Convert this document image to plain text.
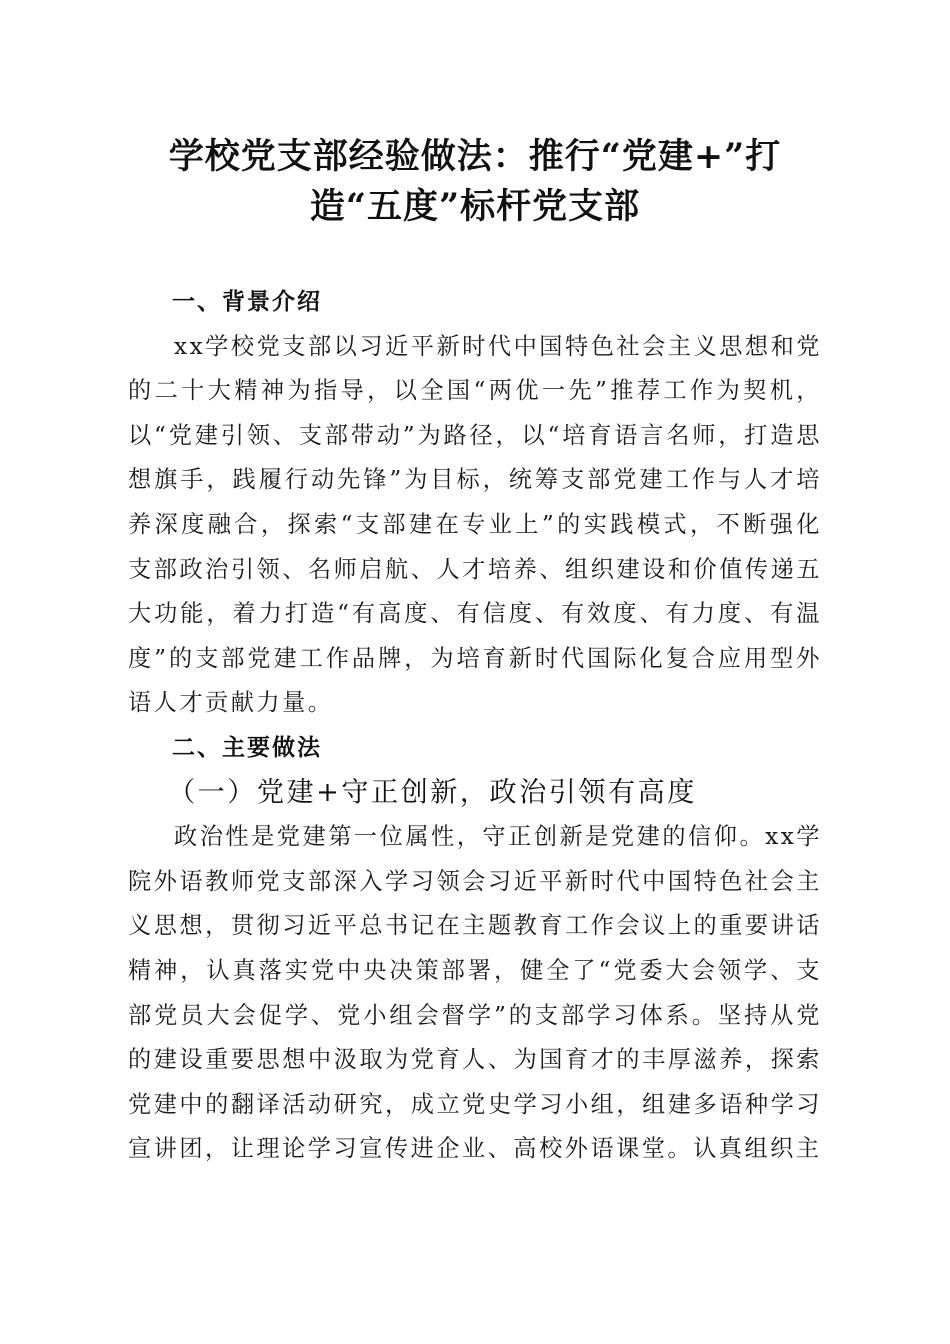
学校党支部经验做法：推行“党建+”打
造“五度”标杆党支部
一、背景介绍

xx学校党支部以习近平新时代中国特色社会主义思想和党的二十大精神为指导，以全国“两优一先”推荐工作为契机，以“党建引领、支部带动”为路径，以“培育语言名师，打造思想旗手，践履行动先锋”为目标，统筹支部党建工作与人才培养深度融合，探索“支部建在专业上”的实践模式，不断强化支部政治引领、名师启航、人才培养、组织建设和价值传递五大功能，着力打造“有高度、有信度、有效度、有力度、有温度”的支部党建工作品牌，为培育新时代国际化复合应用型外语人才贡献力量。

二、主要做法
（一）党建+守正创新，政治引领有高度

政治性是党建第一位属性，守正创新是党建的信仰。xx学院外语教师党支部深入学习领会习近平新时代中国特色社会主义思想，贯彻习近平总书记在主题教育工作会议上的重要讲话精神，认真落实党中央决策部署，健全了“党委大会领学、支部党员大会促学、党小组会督学”的支部学习体系。坚持从党的建设重要思想中汲取为党育人、为国育才的丰厚滋养，探索党建中的翻译活动研究，成立党史学习小组，组建多语种学习宣讲团，让理论学习宣传进企业、高校外语课堂。认真组织主
